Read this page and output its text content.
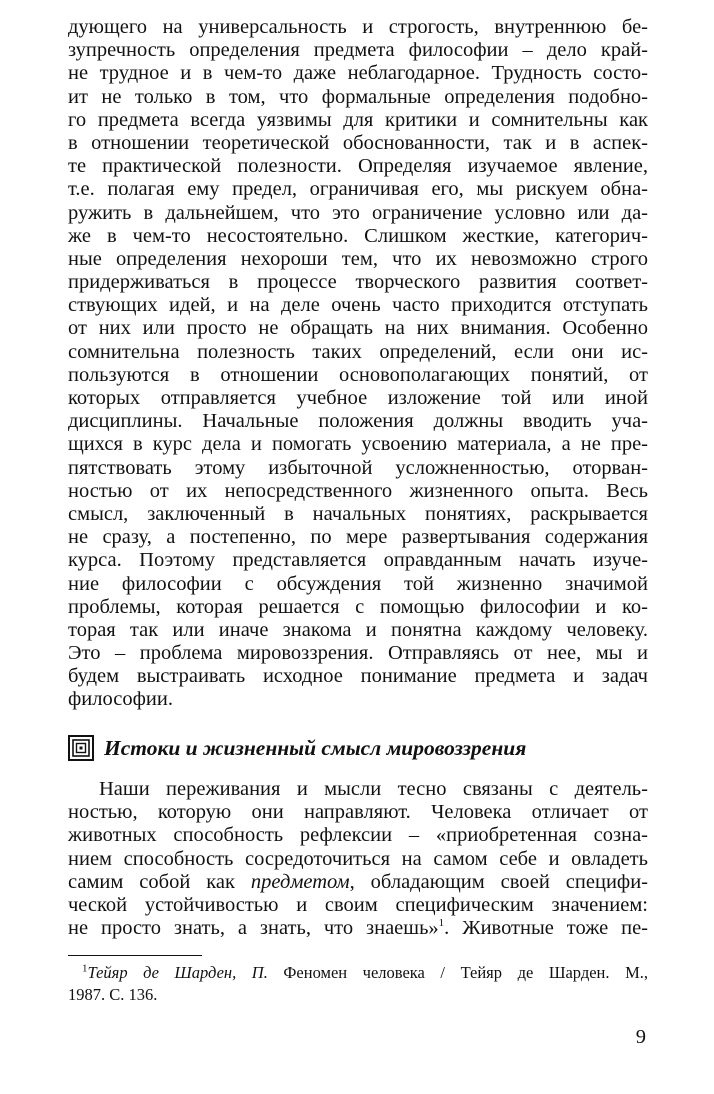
дующего на универсальность и строгость, внутреннюю бе-
зупречность определения предмета философии – дело край-
не трудное и в чем-то даже неблагодарное. Трудность состо-
ит не только в том, что формальные определения подобно-
го предмета всегда уязвимы для критики и сомнительны как
в отношении теоретической обоснованности, так и в аспек-
те практической полезности. Определяя изучаемое явление,
т.е. полагая ему предел, ограничивая его, мы рискуем обна-
ружить в дальнейшем, что это ограничение условно или да-
же в чем-то несостоятельно. Слишком жесткие, категорич-
ные определения нехороши тем, что их невозможно строго
придерживаться в процессе творческого развития соответ-
ствующих идей, и на деле очень часто приходится отступать
от них или просто не обращать на них внимания. Особенно
сомнительна полезность таких определений, если они ис-
пользуются в отношении основополагающих понятий, от
которых отправляется учебное изложение той или иной
дисциплины. Начальные положения должны вводить уча-
щихся в курс дела и помогать усвоению материала, а не пре-
пятствовать этому избыточной усложненностью, оторван-
ностью от их непосредственного жизненного опыта. Весь
смысл, заключенный в начальных понятиях, раскрывается
не сразу, а постепенно, по мере развертывания содержания
курса. Поэтому представляется оправданным начать изуче-
ние философии с обсуждения той жизненно значимой
проблемы, которая решается с помощью философии и ко-
торая так или иначе знакома и понятна каждому человеку.
Это – проблема мировоззрения. Отправляясь от нее, мы и
будем выстраивать исходное понимание предмета и задач
философии.
Истоки и жизненный смысл мировоззрения
Наши переживания и мысли тесно связаны с деятель-
ностью, которую они направляют. Человека отличает от
животных способность рефлексии – «приобретенная созна-
нием способность сосредоточиться на самом себе и овладеть
самим собой как предметом, обладающим своей специфи-
ческой устойчивостью и своим специфическим значением:
не просто знать, а знать, что знаешь»$^1$. Животные тоже пе-
$^1$Тейяр де Шарден, П. Феномен человека / Тейяр де Шарден. М.,
1987. С. 136.
9
